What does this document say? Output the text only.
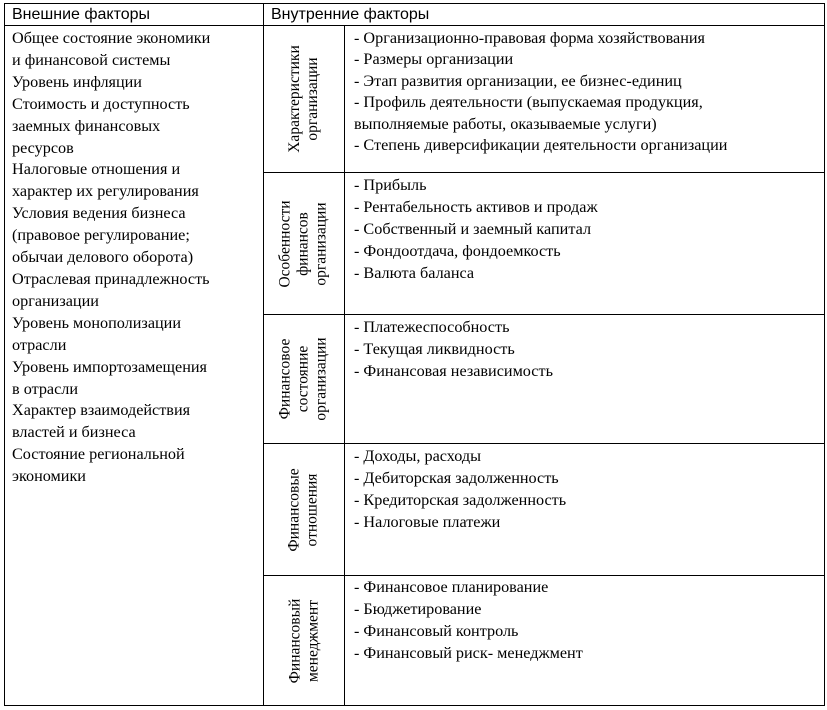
Внешние факторы	Внутренние факторы
Общее состояние экономики
и финансовой системы
Уровень инфляции
Стоимость и доступность
заемных финансовых
ресурсов
Налоговые отношения и
характер их регулирования
Условия ведения бизнеса
(правовое регулирование;
обычаи делового оборота)
Отраслевая принадлежность
организации
Уровень монополизации
отрасли
Уровень импортозамещения
в отрасли
Характер взаимодействия
властей и бизнеса
Состояние региональной
экономики
Характеристики
организации
- Организационно-правовая форма хозяйствования
- Размеры организации
- Этап развития организации, ее бизнес-единиц
- Профиль деятельности (выпускаемая продукция,
выполняемые работы, оказываемые услуги)
- Степень диверсификации деятельности организации
Особенности
финансов
организации
- Прибыль
- Рентабельность активов и продаж
- Собственный и заемный капитал
- Фондоотдача, фондоемкость
- Валюта баланса
Финансовое
состояние
организации
- Платежеспособность
- Текущая ликвидность
- Финансовая независимость
Финансовые
отношения
- Доходы, расходы
- Дебиторская задолженность
- Кредиторская задолженность
- Налоговые платежи
Финансовый
менеджмент
- Финансовое планирование
- Бюджетирование
- Финансовый контроль
- Финансовый риск- менеджмент
